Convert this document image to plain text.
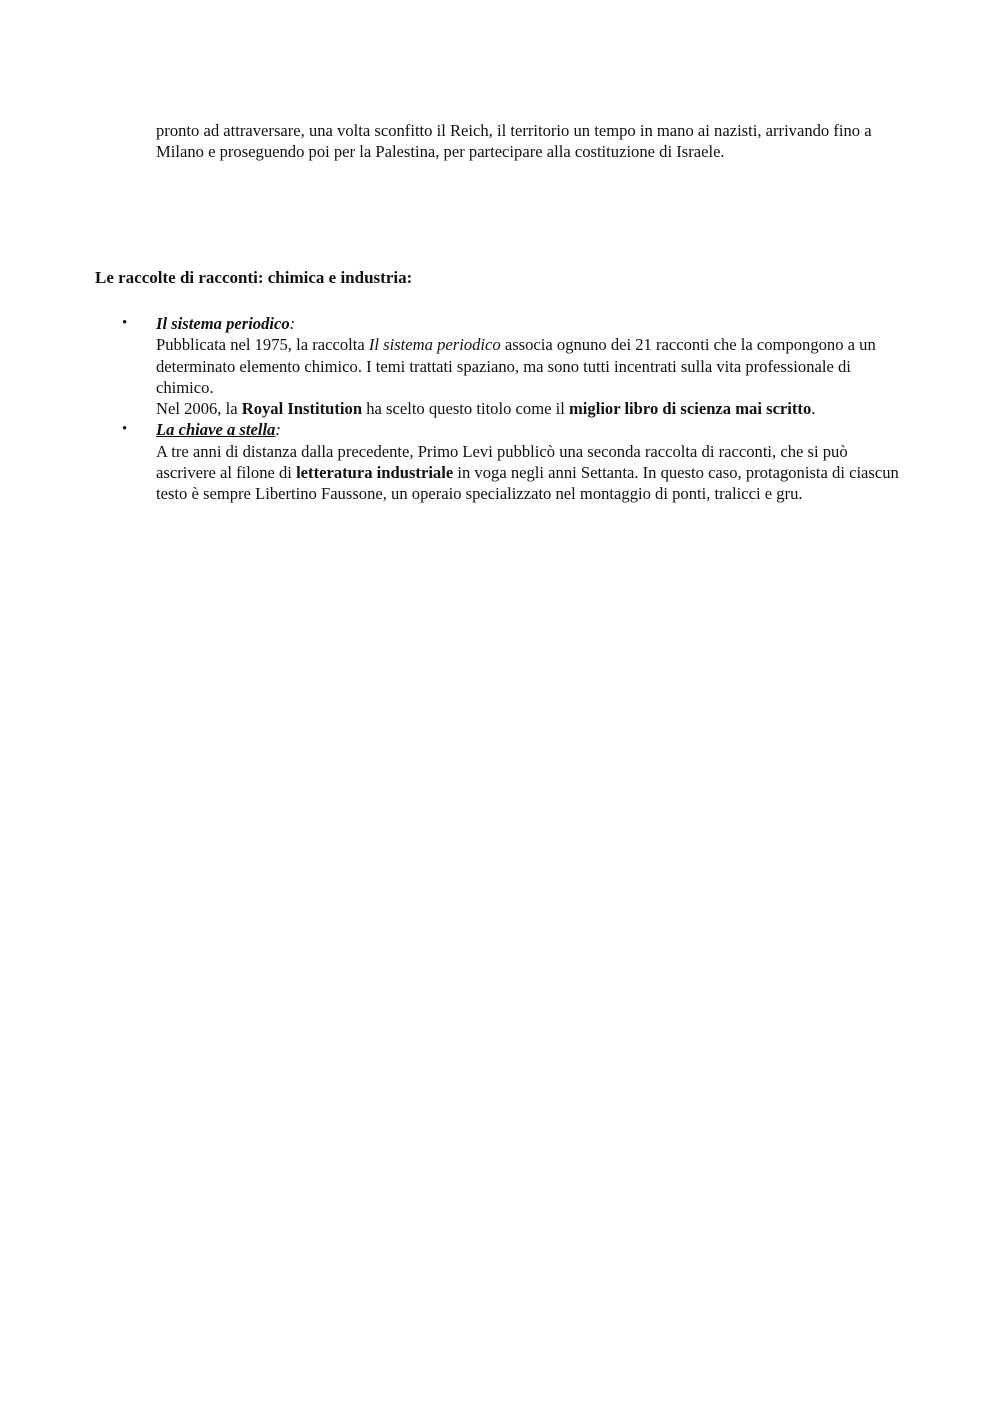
pronto ad attraversare, una volta sconfitto il Reich, il territorio un tempo in mano ai nazisti, arrivando fino a Milano e proseguendo poi per la Palestina, per partecipare alla costituzione di Israele.

Le raccolte di racconti: chimica e industria:
• Il sistema periodico:
Pubblicata nel 1975, la raccolta Il sistema periodico associa ognuno dei 21 racconti che la compongono a un determinato elemento chimico. I temi trattati spaziano, ma sono tutti incentrati sulla vita professionale di chimico.
Nel 2006, la Royal Institution ha scelto questo titolo come il miglior libro di scienza mai scritto.
• La chiave a stella:
A tre anni di distanza dalla precedente, Primo Levi pubblicò una seconda raccolta di racconti, che si può ascrivere al filone di letteratura industriale in voga negli anni Settanta. In questo caso, protagonista di ciascun testo è sempre Libertino Faussone, un operaio specializzato nel montaggio di ponti, tralicci e gru.
